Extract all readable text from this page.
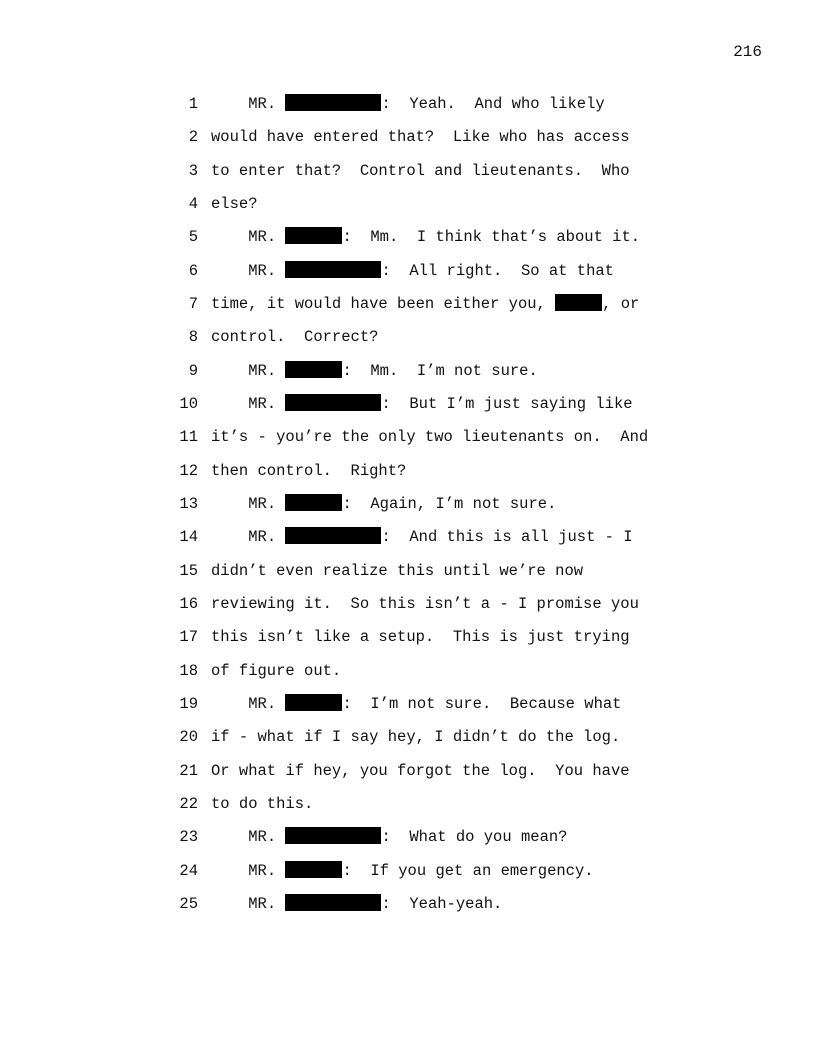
216
1	MR.	:  Yeah.  And who likely
2 would have entered that?  Like who has access
3 to enter that?  Control and lieutenants.  Who
4 else?
5	MR.	:  Mm.  I think that’s about it.
6	MR.	:  All right.  So at that
7 time, it would have been either you,	, or
8 control.  Correct?
9	MR.	:  Mm.  I’m not sure.
10	MR.	:  But I’m just saying like
11 it’s - you’re the only two lieutenants on.  And
12 then control.  Right?
13	MR.	:  Again, I’m not sure.
14	MR.	:  And this is all just - I
15 didn’t even realize this until we’re now
16 reviewing it.  So this isn’t a - I promise you
17 this isn’t like a setup.  This is just trying
18 of figure out.
19	MR.	:  I’m not sure.  Because what
20 if - what if I say hey, I didn’t do the log.
21 Or what if hey, you forgot the log.  You have
22 to do this.
23	MR.	:  What do you mean?
24	MR.	:  If you get an emergency.
25	MR.	:  Yeah-yeah.
